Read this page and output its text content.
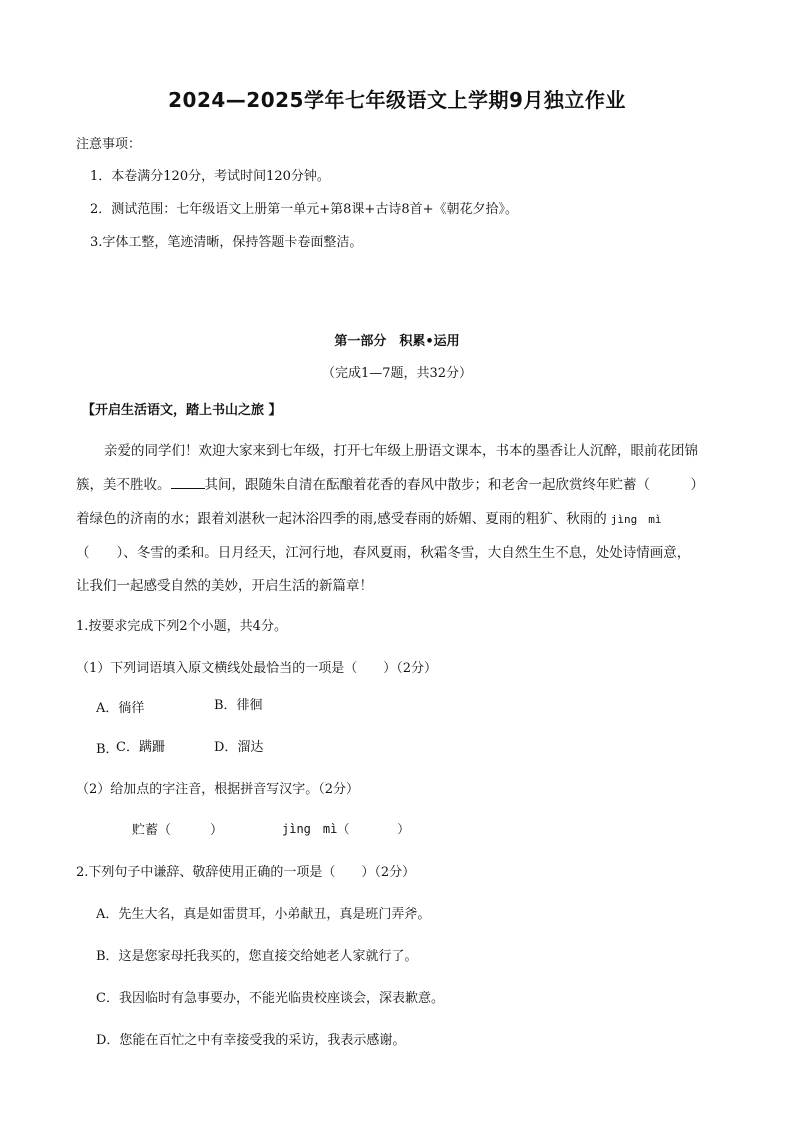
2024—2025学年七年级语文上学期9月独立作业
注意事项：
1．本卷满分120分，考试时间120分钟。
2．测试范围：七年级语文上册第一单元+第8课+古诗8首+《朝花夕拾》。
3.字体工整，笔迹清晰，保持答题卡卷面整洁。
第一部分　积累•运用
（完成1—7题，共32分）
【开启生活语文，踏上书山之旅 】
亲爱的同学们！欢迎大家来到七年级，打开七年级上册语文课本，书本的墨香让人沉醉，眼前花团锦
簇，美不胜收。	其间，跟随朱自清在酝酿着花香的春风中散步；和老舍一起欣赏终年贮蓄（　　　）
着绿色的济南的水；跟着刘湛秋一起沐浴四季的雨,感受春雨的娇媚、夏雨的粗犷、秋雨的 jìng　mì
（　　）、冬雪的柔和。日月经天，江河行地，春风夏雨，秋霜冬雪，大自然生生不息，处处诗情画意，
让我们一起感受自然的美妙，开启生活的新篇章！
1.按要求完成下列2个小题，共4分。
（1）下列词语填入原文横线处最恰当的一项是（　　）（2分）
A．徜徉	B．徘徊
B．
C．蹒跚	D．溜达
（2）给加点的字注音，根据拼音写汉字。（2分）
贮蓄（　　　）	jìng　mì（　　　　）
2.下列句子中谦辞、敬辞使用正确的一项是（　　）（2分）
A．先生大名，真是如雷贯耳，小弟献丑，真是班门弄斧。
B．这是您家母托我买的，您直接交给她老人家就行了。
C．我因临时有急事要办，不能光临贵校座谈会，深表歉意。
D．您能在百忙之中有幸接受我的采访，我表示感谢。
